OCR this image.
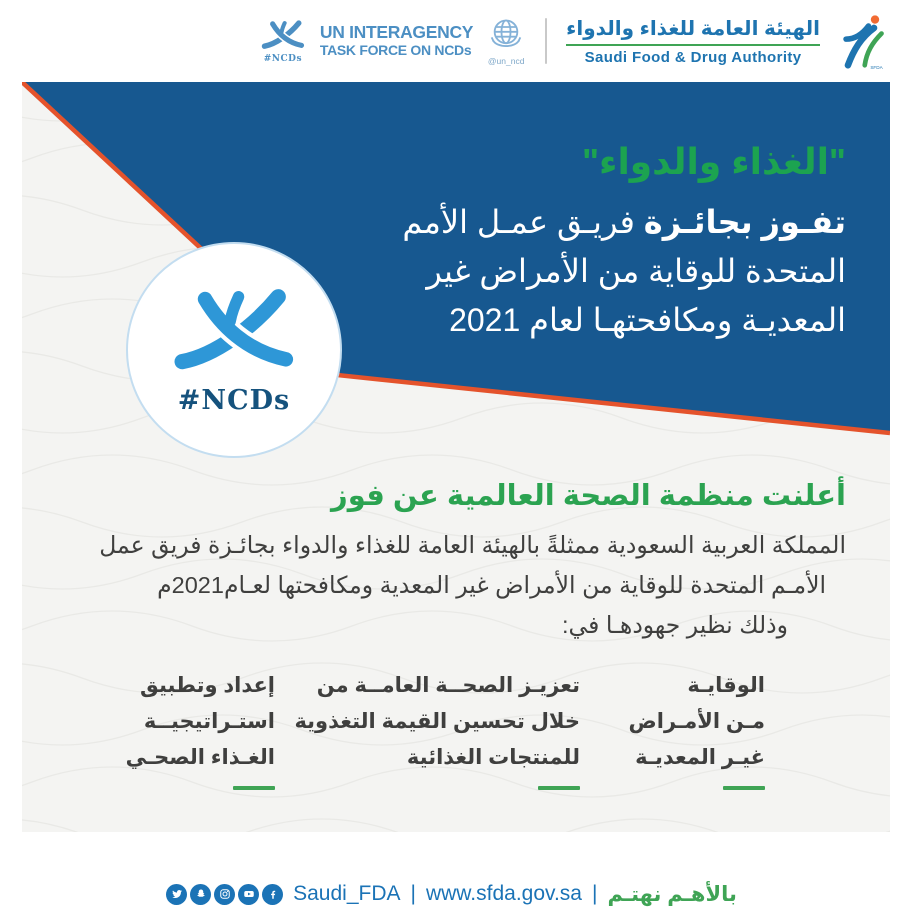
#NCDs
UN INTERAGENCY
TASK FORCE ON NCDs
@un_ncd
الهيئة العامة للغذاء والدواء
Saudi Food & Drug Authority
SFDA
"الغذاء والدواء"
تفـوز بجائـزة فريـق عمـل الأمم
المتحدة للوقاية من الأمراض غير
المعديـة ومكافحتهـا لعام 2021
#NCDs
أعلنت منظمة الصحة العالمية عن فوز
المملكة العربية السعودية ممثلةً بالهيئة العامة للغذاء والدواء بجائـزة فريق عمل
الأمـم المتحدة للوقاية من الأمراض غير المعدية ومكافحتها لعـام2021م
وذلك نظير جهودهـا في:
الوقايـة
مـن الأمـراض
غيـر المعديـة
تعزيـز الصحــة العامــة من
خلال تحسين القيمة التغذوية
للمنتجات الغذائية
إعداد وتطبيق
استـراتيجيــة
الغـذاء الصحـي
Saudi_FDA | www.sfda.gov.sa | بالأهـم نهتـم
